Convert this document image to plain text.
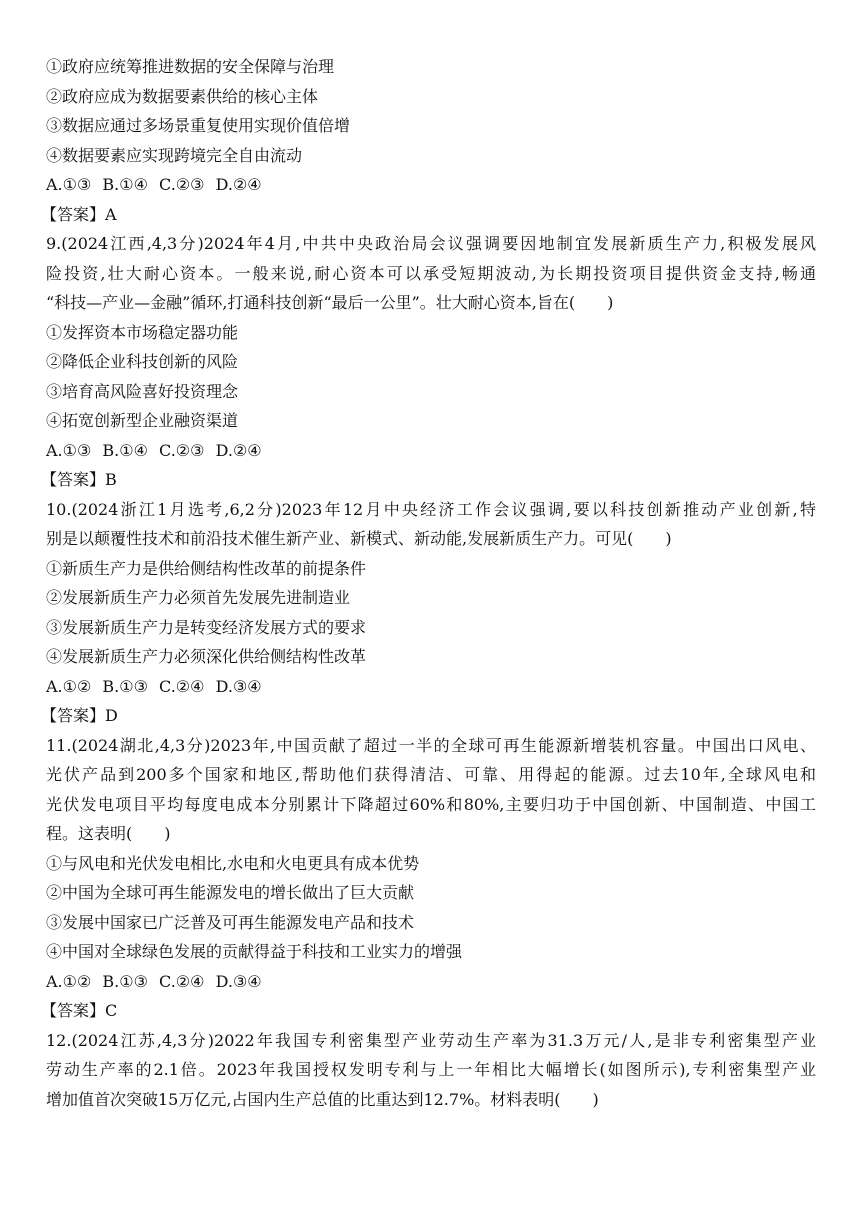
①政府应统筹推进数据的安全保障与治理
②政府应成为数据要素供给的核心主体
③数据应通过多场景重复使用实现价值倍增
④数据要素应实现跨境完全自由流动
A.①③ B.①④ C.②③ D.②④
【答案】A
9.(2024江西,4,3分)2024年4月,中共中央政治局会议强调要因地制宜发展新质生产力,积极发展风
险投资,壮大耐心资本。一般来说,耐心资本可以承受短期波动,为长期投资项目提供资金支持,畅通
“科技—产业—金融”循环,打通科技创新“最后一公里”。壮大耐心资本,旨在(　　)
①发挥资本市场稳定器功能
②降低企业科技创新的风险
③培育高风险喜好投资理念
④拓宽创新型企业融资渠道
A.①③ B.①④ C.②③ D.②④
【答案】B
10.(2024浙江1月选考,6,2分)2023年12月中央经济工作会议强调,要以科技创新推动产业创新,特
别是以颠覆性技术和前沿技术催生新产业、新模式、新动能,发展新质生产力。可见(　　)
①新质生产力是供给侧结构性改革的前提条件
②发展新质生产力必须首先发展先进制造业
③发展新质生产力是转变经济发展方式的要求
④发展新质生产力必须深化供给侧结构性改革
A.①② B.①③ C.②④ D.③④
【答案】D
11.(2024湖北,4,3分)2023年,中国贡献了超过一半的全球可再生能源新增装机容量。中国出口风电、
光伏产品到200多个国家和地区,帮助他们获得清洁、可靠、用得起的能源。过去10年,全球风电和
光伏发电项目平均每度电成本分别累计下降超过60%和80%,主要归功于中国创新、中国制造、中国工
程。这表明(　　)
①与风电和光伏发电相比,水电和火电更具有成本优势
②中国为全球可再生能源发电的增长做出了巨大贡献
③发展中国家已广泛普及可再生能源发电产品和技术
④中国对全球绿色发展的贡献得益于科技和工业实力的增强
A.①② B.①③ C.②④ D.③④
【答案】C
12.(2024江苏,4,3分)2022年我国专利密集型产业劳动生产率为31.3万元/人,是非专利密集型产业
劳动生产率的2.1倍。2023年我国授权发明专利与上一年相比大幅增长(如图所示),专利密集型产业
增加值首次突破15万亿元,占国内生产总值的比重达到12.7%。材料表明(　　)
